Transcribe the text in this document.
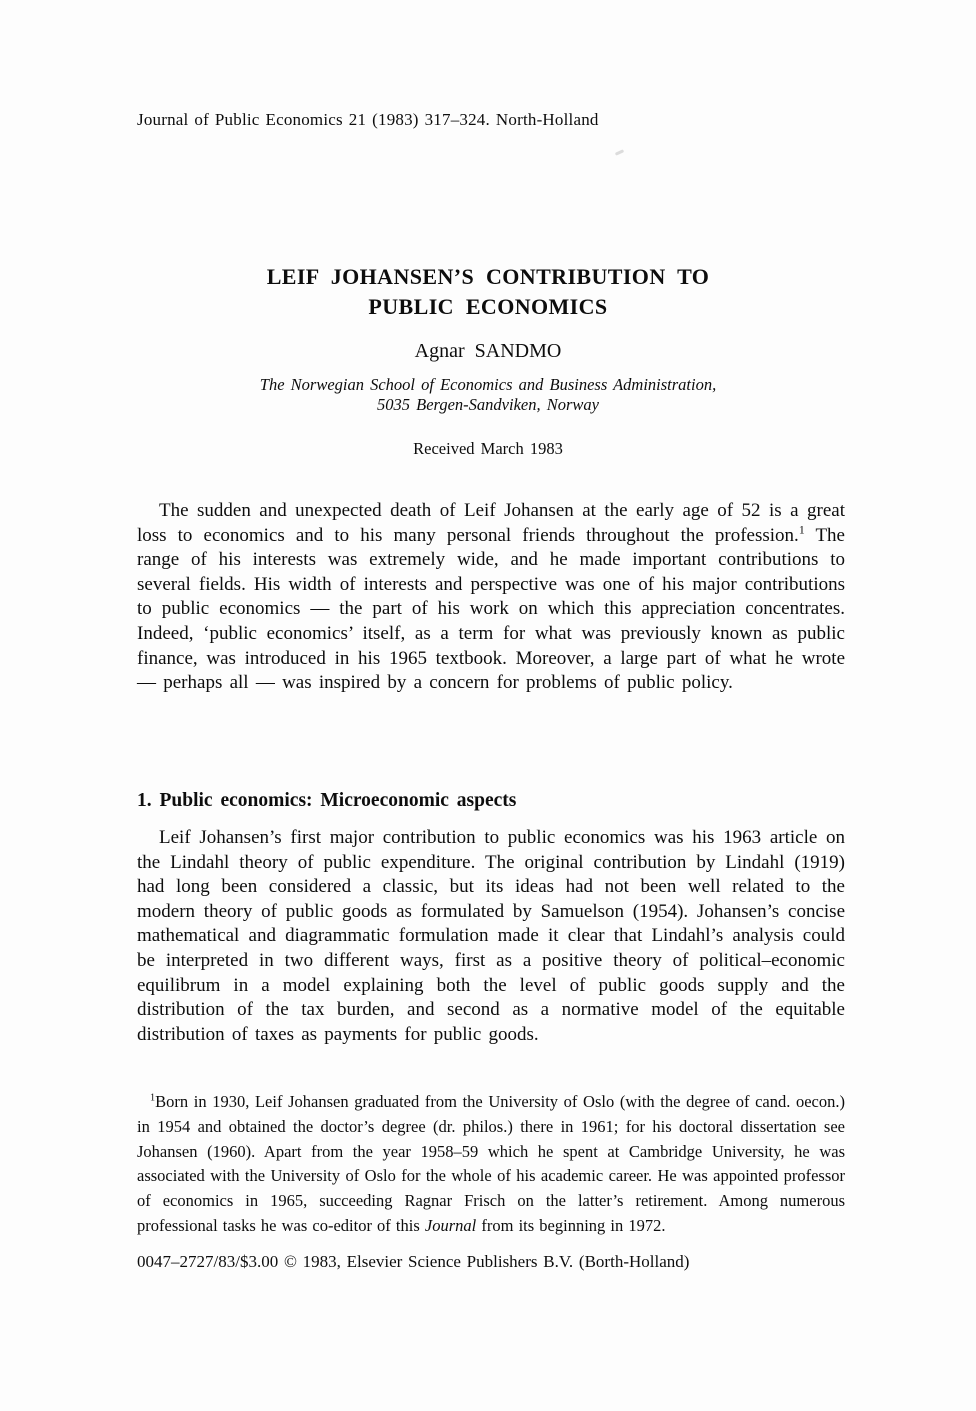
Journal of Public Economics 21 (1983) 317–324. North-Holland
LEIF JOHANSEN’S CONTRIBUTION TO
PUBLIC ECONOMICS
Agnar SANDMO
The Norwegian School of Economics and Business Administration,
5035 Bergen-Sandviken, Norway
Received March 1983

The sudden and unexpected death of Leif Johansen at the early age of 52 is a great loss to economics and to his many personal friends throughout the profession.$^1$ The range of his interests was extremely wide, and he made important contributions to several fields. His width of interests and perspective was one of his major contributions to public economics — the part of his work on which this appreciation concentrates. Indeed, ‘public economics’ itself, as a term for what was previously known as public finance, was introduced in his 1965 textbook. Moreover, a large part of what he wrote — perhaps all — was inspired by a concern for problems of public policy.

1. Public economics: Microeconomic aspects

Leif Johansen’s first major contribution to public economics was his 1963 article on the Lindahl theory of public expenditure. The original contribution by Lindahl (1919) had long been considered a classic, but its ideas had not been well related to the modern theory of public goods as formulated by Samuelson (1954). Johansen’s concise mathematical and diagrammatic formulation made it clear that Lindahl’s analysis could be interpreted in two different ways, first as a positive theory of political–economic equilibrum in a model explaining both the level of public goods supply and the distribution of the tax burden, and second as a normative model of the equitable distribution of taxes as payments for public goods.

$^1$Born in 1930, Leif Johansen graduated from the University of Oslo (with the degree of cand. oecon.) in 1954 and obtained the doctor’s degree (dr. philos.) there in 1961; for his doctoral dissertation see Johansen (1960). Apart from the year 1958–59 which he spent at Cambridge University, he was associated with the University of Oslo for the whole of his academic career. He was appointed professor of economics in 1965, succeeding Ragnar Frisch on the latter’s retirement. Among numerous professional tasks he was co-editor of this Journal from its beginning in 1972.

0047–2727/83/$3.00 © 1983, Elsevier Science Publishers B.V. (Borth-Holland)
